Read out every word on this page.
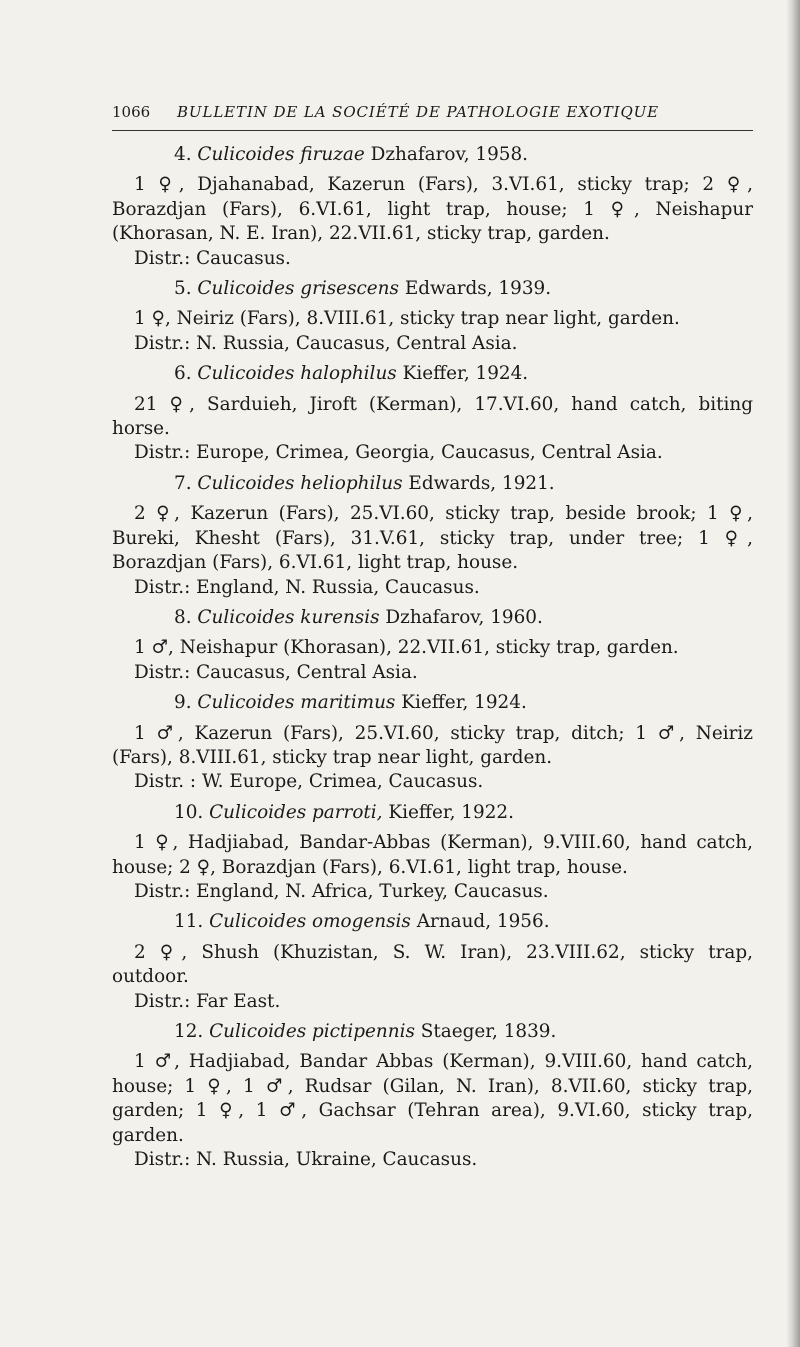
1066 BULLETIN DE LA SOCIÉTÉ DE PATHOLOGIE EXOTIQUE

4. Culicoides firuzae Dzhafarov, 1958.

1 ♀, Djahanabad, Kazerun (Fars), 3.VI.61, sticky trap; 2 ♀, Borazdjan (Fars), 6.VI.61, light trap, house; 1 ♀, Neishapur (Khorasan, N. E. Iran), 22.VII.61, sticky trap, garden.

Distr.: Caucasus.

5. Culicoides grisescens Edwards, 1939.

1 ♀, Neiriz (Fars), 8.VIII.61, sticky trap near light, garden.

Distr.: N. Russia, Caucasus, Central Asia.

6. Culicoides halophilus Kieffer, 1924.

21 ♀, Sarduieh, Jiroft (Kerman), 17.VI.60, hand catch, biting horse.

Distr.: Europe, Crimea, Georgia, Caucasus, Central Asia.

7. Culicoides heliophilus Edwards, 1921.

2 ♀, Kazerun (Fars), 25.VI.60, sticky trap, beside brook; 1 ♀, Bureki, Khesht (Fars), 31.V.61, sticky trap, under tree; 1 ♀, Borazdjan (Fars), 6.VI.61, light trap, house.

Distr.: England, N. Russia, Caucasus.

8. Culicoides kurensis Dzhafarov, 1960.

1 ♂, Neishapur (Khorasan), 22.VII.61, sticky trap, garden.

Distr.: Caucasus, Central Asia.

9. Culicoides maritimus Kieffer, 1924.

1 ♂, Kazerun (Fars), 25.VI.60, sticky trap, ditch; 1 ♂, Neiriz (Fars), 8.VIII.61, sticky trap near light, garden.

Distr. : W. Europe, Crimea, Caucasus.

10. Culicoides parroti, Kieffer, 1922.

1 ♀, Hadjiabad, Bandar-Abbas (Kerman), 9.VIII.60, hand catch, house; 2 ♀, Borazdjan (Fars), 6.VI.61, light trap, house.

Distr.: England, N. Africa, Turkey, Caucasus.

11. Culicoides omogensis Arnaud, 1956.

2 ♀, Shush (Khuzistan, S. W. Iran), 23.VIII.62, sticky trap, outdoor.

Distr.: Far East.

12. Culicoides pictipennis Staeger, 1839.

1 ♂, Hadjiabad, Bandar Abbas (Kerman), 9.VIII.60, hand catch, house; 1 ♀, 1 ♂, Rudsar (Gilan, N. Iran), 8.VII.60, sticky trap, garden; 1 ♀, 1 ♂, Gachsar (Tehran area), 9.VI.60, sticky trap, garden.

Distr.: N. Russia, Ukraine, Caucasus.
